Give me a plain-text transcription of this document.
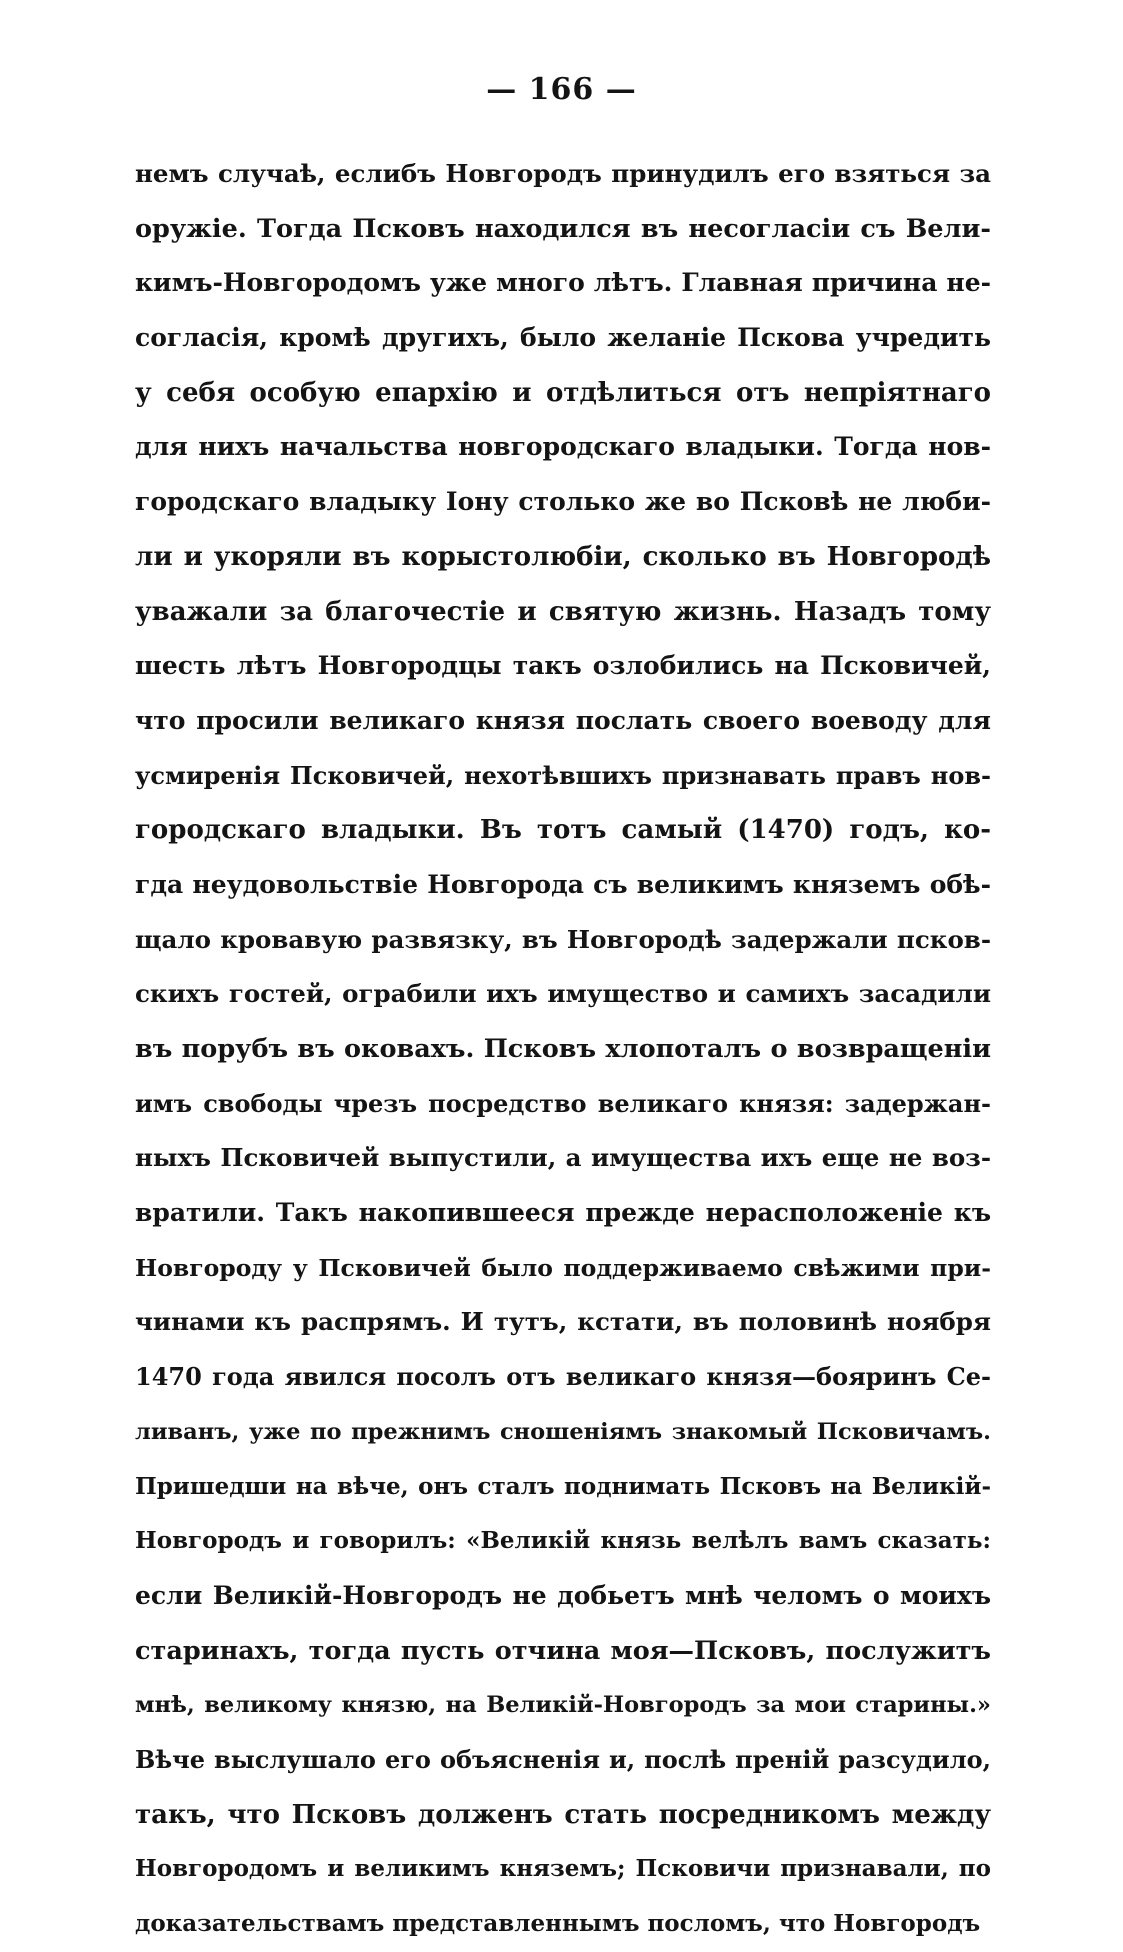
— 166 —
немъ случаѣ, еслибъ Новгородъ принудилъ его взяться за
оружіе. Тогда Псковъ находился въ несогласіи съ Вели-
кимъ-Новгородомъ уже много лѣтъ. Главная причина не-
согласія, кромѣ другихъ, было желаніе Пскова учредить
у себя особую епархію и отдѣлиться отъ непріятнаго
для нихъ начальства новгородскаго владыки. Тогда нов-
городскаго владыку Іону столько же во Псковѣ не люби-
ли и укоряли въ корыстолюбіи, сколько въ Новгородѣ
уважали за благочестіе и святую жизнь. Назадъ тому
шесть лѣтъ Новгородцы такъ озлобились на Псковичей,
что просили великаго князя послать своего воеводу для
усмиренія Псковичей, нехотѣвшихъ признавать правъ нов-
городскаго владыки. Въ тотъ самый (1470) годъ, ко-
гда неудовольствіе Новгорода съ великимъ княземъ обѣ-
щало кровавую развязку, въ Новгородѣ задержали псков-
скихъ гостей, ограбили ихъ имущество и самихъ засадили
въ порубъ въ оковахъ. Псковъ хлопоталъ о возвращеніи
имъ свободы чрезъ посредство великаго князя: задержан-
ныхъ Псковичей выпустили, а имущества ихъ еще не воз-
вратили. Такъ накопившееся прежде нерасположеніе къ
Новгороду у Псковичей было поддерживаемо свѣжими при-
чинами къ распрямъ. И тутъ, кстати, въ половинѣ ноября
1470 года явился посолъ отъ великаго князя—бояринъ Се-
ливанъ, уже по прежнимъ сношеніямъ знакомый Псковичамъ.
Пришедши на вѣче, онъ сталъ поднимать Псковъ на Великій-
Новгородъ и говорилъ: «Великій князь велѣлъ вамъ сказать:
если Великій-Новгородъ не добьетъ мнѣ челомъ о моихъ
старинахъ, тогда пусть отчина моя—Псковъ, послужитъ
мнѣ, великому князю, на Великій-Новгородъ за мои старины.»
Вѣче выслушало его объясненія и, послѣ преній разсудило,
такъ, что Псковъ долженъ стать посредникомъ между
Новгородомъ и великимъ княземъ; Псковичи признавали, по
доказательствамъ представленнымъ посломъ, что Новгородъ
